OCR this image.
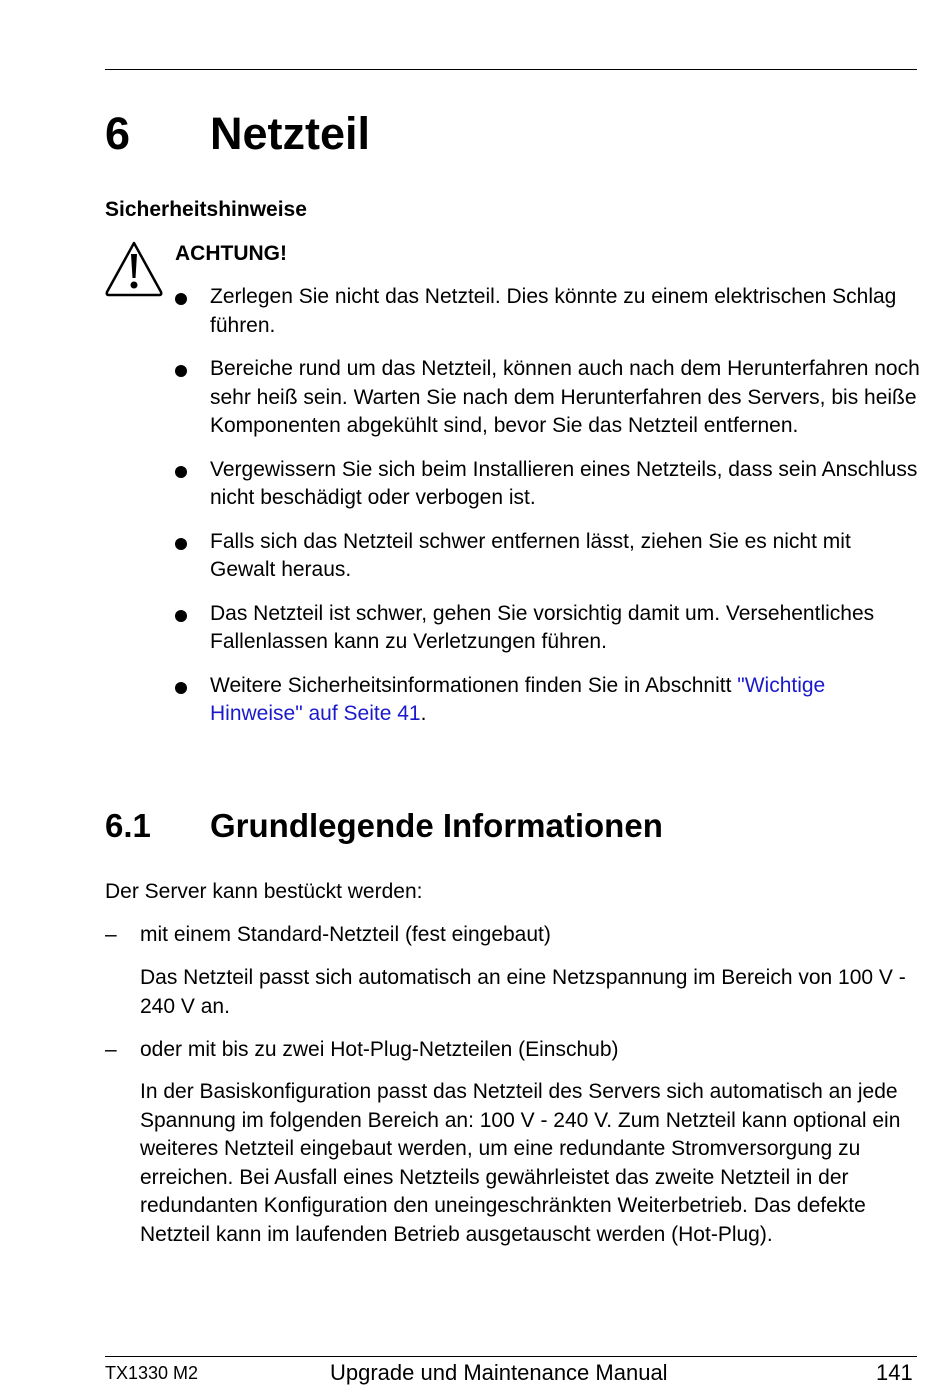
6 Netzteil
Sicherheitshinweise
ACHTUNG!
Zerlegen Sie nicht das Netzteil. Dies könnte zu einem elektrischen Schlag führen.
Bereiche rund um das Netzteil, können auch nach dem Herunterfahren noch sehr heiß sein. Warten Sie nach dem Herunterfahren des Servers, bis heiße Komponenten abgekühlt sind, bevor Sie das Netzteil entfernen.
Vergewissern Sie sich beim Installieren eines Netzteils, dass sein Anschluss nicht beschädigt oder verbogen ist.
Falls sich das Netzteil schwer entfernen lässt, ziehen Sie es nicht mit Gewalt heraus.
Das Netzteil ist schwer, gehen Sie vorsichtig damit um. Versehentliches Fallenlassen kann zu Verletzungen führen.
Weitere Sicherheitsinformationen finden Sie in Abschnitt "Wichtige Hinweise" auf Seite 41.
6.1 Grundlegende Informationen
Der Server kann bestückt werden:
– mit einem Standard-Netzteil (fest eingebaut)
Das Netzteil passt sich automatisch an eine Netzspannung im Bereich von 100 V - 240 V an.
– oder mit bis zu zwei Hot-Plug-Netzteilen (Einschub)
In der Basiskonfiguration passt das Netzteil des Servers sich automatisch an jede Spannung im folgenden Bereich an: 100 V - 240 V. Zum Netzteil kann optional ein weiteres Netzteil eingebaut werden, um eine redundante Stromversorgung zu erreichen. Bei Ausfall eines Netzteils gewährleistet das zweite Netzteil in der redundanten Konfiguration den uneingeschränkten Weiterbetrieb. Das defekte Netzteil kann im laufenden Betrieb ausgetauscht werden (Hot-Plug).
TX1330 M2	Upgrade und Maintenance Manual	141
